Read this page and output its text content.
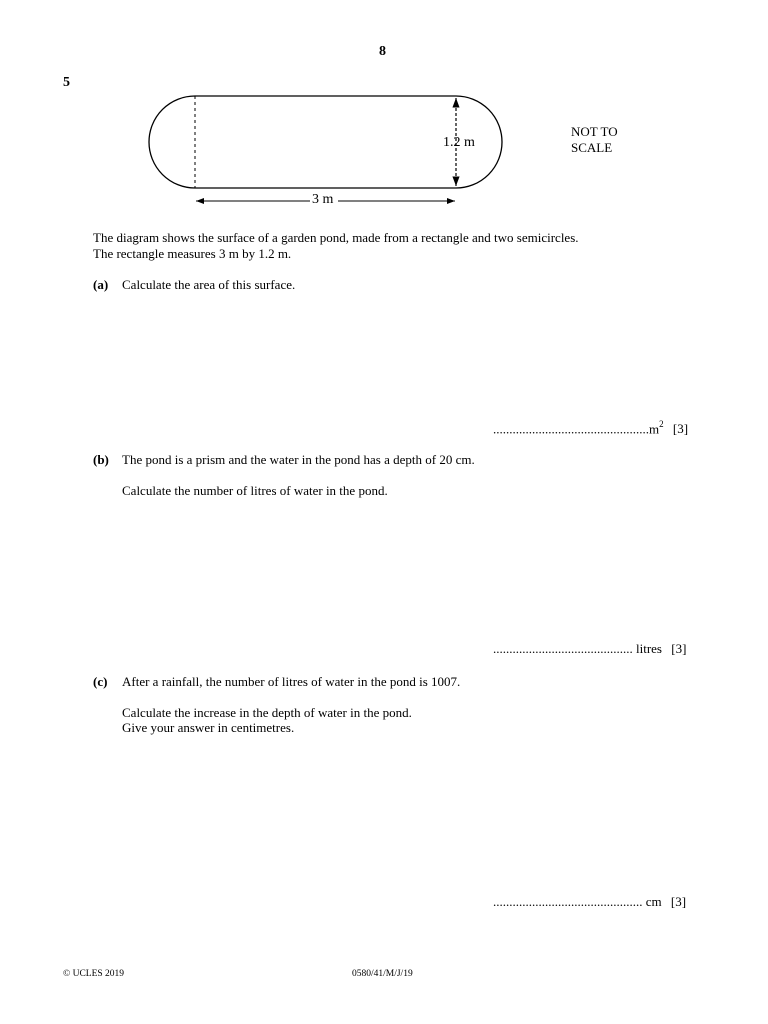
8
5
1.2 m
3 m
NOT TO
SCALE
The diagram shows the surface of a garden pond, made from a rectangle and two semicircles.
The rectangle measures 3 m by 1.2 m.
(a) Calculate the area of this surface.
$................................................m^2$ [3]
(b) The pond is a prism and the water in the pond has a depth of 20 cm.
Calculate the number of litres of water in the pond.
........................................... litres [3]
(c) After a rainfall, the number of litres of water in the pond is 1007.
Calculate the increase in the depth of water in the pond.
Give your answer in centimetres.
.............................................. cm [3]
© UCLES 2019	0580/41/M/J/19
